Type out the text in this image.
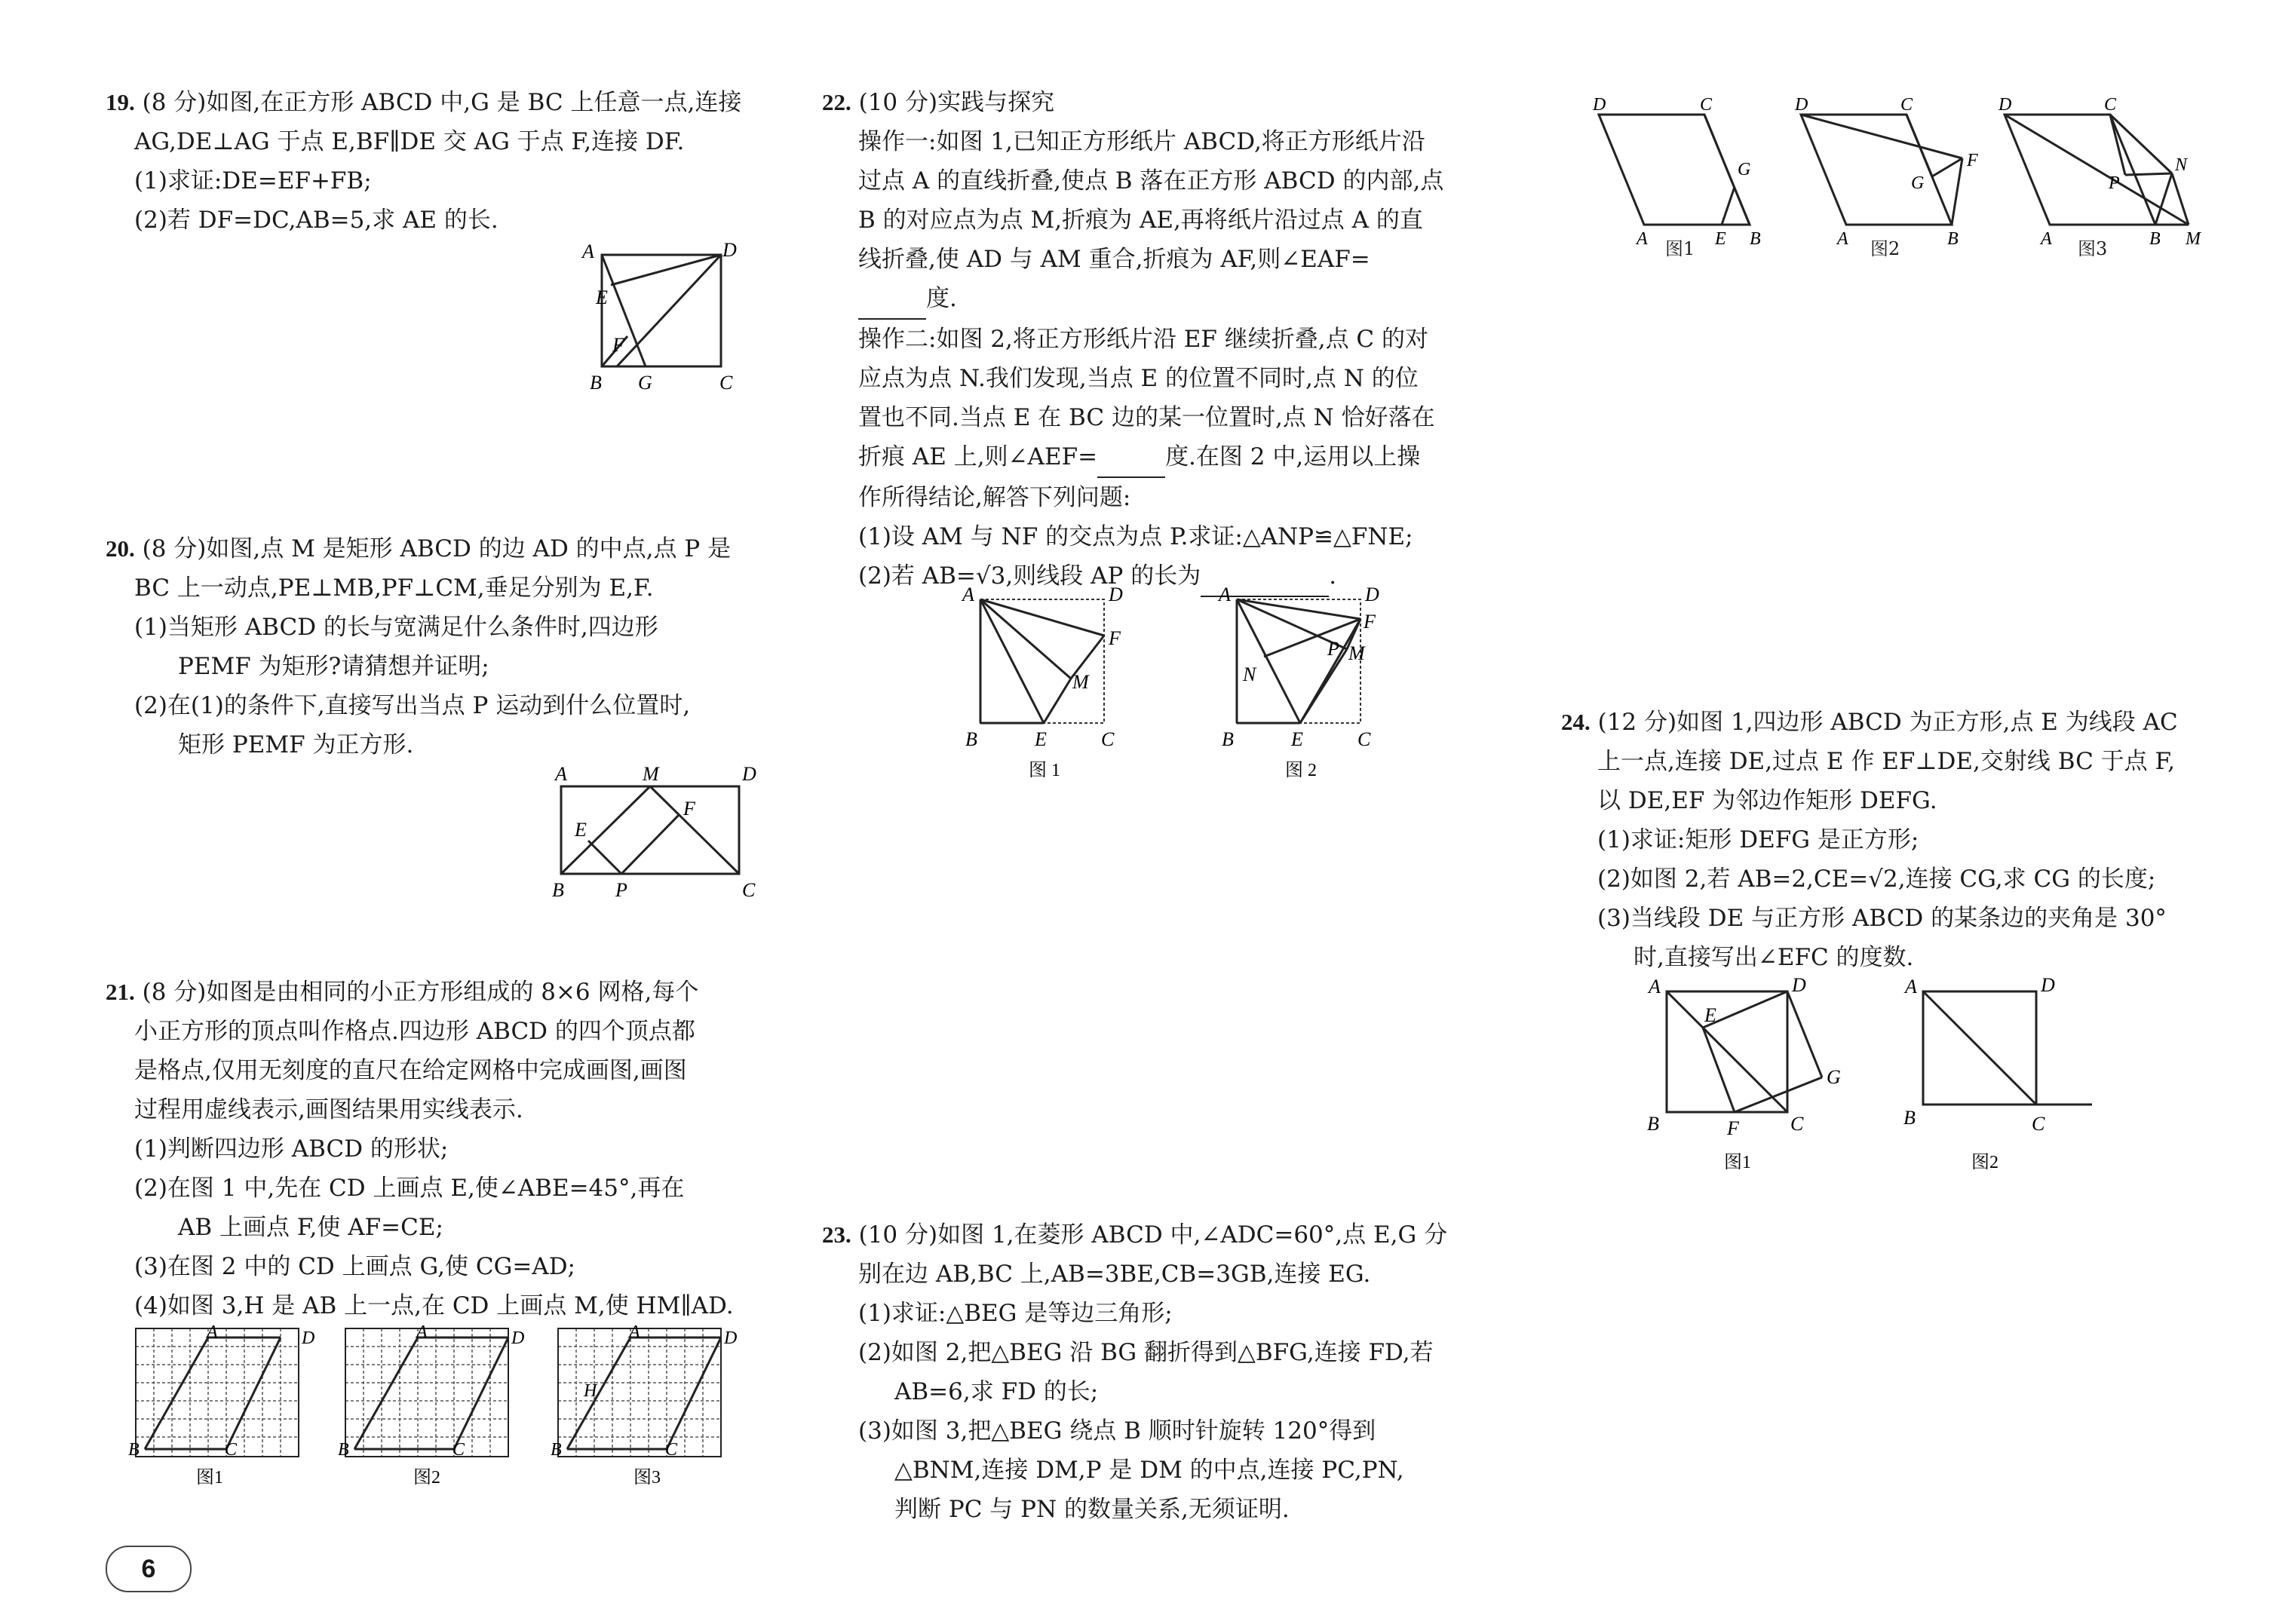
19. (8 分)如图,在正方形 ABCD 中,G 是 BC 上任意一点,连接

AG,DE⊥AG 于点 E,BF∥DE 交 AG 于点 F,连接 DF.

(1)求证:DE=EF+FB;

(2)若 DF=DC,AB=5,求 AE 的长.

A	D
E
F
B G	C

20. (8 分)如图,点 M 是矩形 ABCD 的边 AD 的中点,点 P 是

BC 上一动点,PE⊥MB,PF⊥CM,垂足分别为 E,F.

(1)当矩形 ABCD 的长与宽满足什么条件时,四边形

PEMF 为矩形?请猜想并证明;

(2)在(1)的条件下,直接写出当点 P 运动到什么位置时,

矩形 PEMF 为正方形.

A	M	D
E
F
B	P	C

21. (8 分)如图是由相同的小正方形组成的 8×6 网格,每个

小正方形的顶点叫作格点.四边形 ABCD 的四个顶点都

是格点,仅用无刻度的直尺在给定网格中完成画图,画图

过程用虚线表示,画图结果用实线表示.

(1)判断四边形 ABCD 的形状;

(2)在图 1 中,先在 CD 上画点 E,使∠ABE=45°,再在

AB 上画点 F,使 AF=CE;

(3)在图 2 中的 CD 上画点 G,使 CG=AD;

(4)如图 3,H 是 AB 上一点,在 CD 上画点 M,使 HM∥AD.

A	D
B	C
图1
A	D
B	C
图2
A	D
H
B	C
图3
6

22. (10 分)实践与探究

操作一:如图 1,已知正方形纸片 ABCD,将正方形纸片沿

过点 A 的直线折叠,使点 B 落在正方形 ABCD 的内部,点

B 的对应点为点 M,折痕为 AE,再将纸片沿过点 A 的直

线折叠,使 AD 与 AM 重合,折痕为 AF,则∠EAF=

度.

操作二:如图 2,将正方形纸片沿 EF 继续折叠,点 C 的对

应点为点 N.我们发现,当点 E 的位置不同时,点 N 的位

置也不同.当点 E 在 BC 边的某一位置时,点 N 恰好落在

折痕 AE 上,则∠AEF=	度.在图 2 中,运用以上操

作所得结论,解答下列问题:

(1)设 AM 与 NF 的交点为点 P.求证:△ANP≌△FNE;

(2)若 AB=√3,则线段 AP 的长为	.

A	D
F
M
B	E	C
图 1
A	D
F
P M
N
B	E	C
图 2

23. (10 分)如图 1,在菱形 ABCD 中,∠ADC=60°,点 E,G 分

别在边 AB,BC 上,AB=3BE,CB=3GB,连接 EG.

(1)求证:△BEG 是等边三角形;

(2)如图 2,把△BEG 沿 BG 翻折得到△BFG,连接 FD,若

AB=6,求 FD 的长;

(3)如图 3,把△BEG 绕点 B 顺时针旋转 120°得到

△BNM,连接 DM,P 是 DM 的中点,连接 PC,PN,

判断 PC 与 PN 的数量关系,无须证明.

D	C
G
A	E B
图1
D	C
F
G
A	B
图2
D	C
N
P
A	B M
图3

24. (12 分)如图 1,四边形 ABCD 为正方形,点 E 为线段 AC

上一点,连接 DE,过点 E 作 EF⊥DE,交射线 BC 于点 F,

以 DE,EF 为邻边作矩形 DEFG.

(1)求证:矩形 DEFG 是正方形;

(2)如图 2,若 AB=2,CE=√2,连接 CG,求 CG 的长度;

(3)当线段 DE 与正方形 ABCD 的某条边的夹角是 30°

时,直接写出∠EFC 的度数.

A	D
E
G
B	F	C
图1
A	D
B	C
图2
